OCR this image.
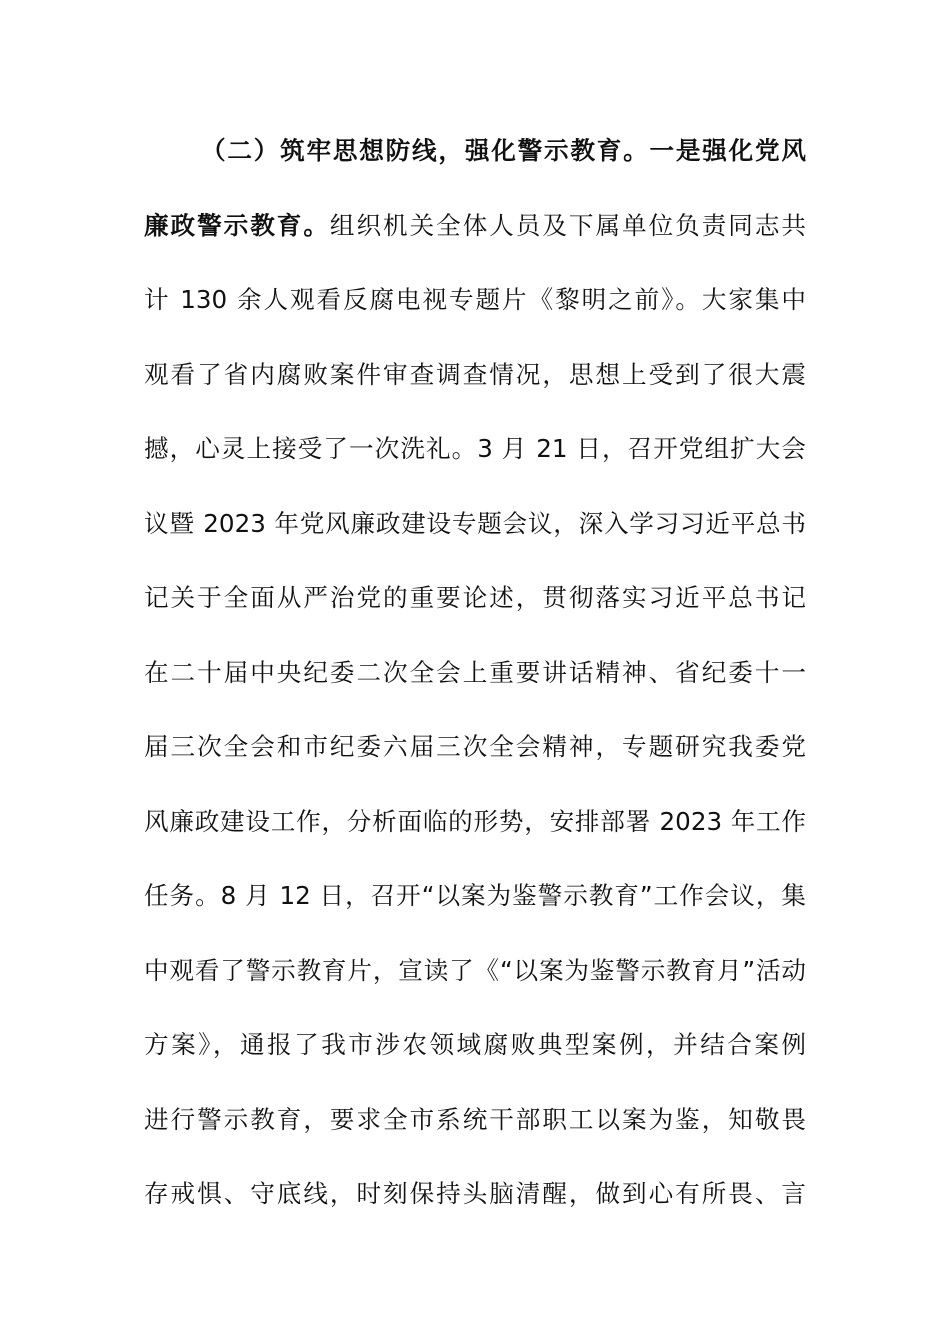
（二）筑牢思想防线，强化警示教育。一是强化党风
廉政警示教育。组织机关全体人员及下属单位负责同志共
计 130 余人观看反腐电视专题片《黎明之前》。大家集中
观看了省内腐败案件审查调查情况，思想上受到了很大震
撼，心灵上接受了一次洗礼。3 月 21 日，召开党组扩大会
议暨 2023 年党风廉政建设专题会议，深入学习习近平总书
记关于全面从严治党的重要论述，贯彻落实习近平总书记
在二十届中央纪委二次全会上重要讲话精神、省纪委十一
届三次全会和市纪委六届三次全会精神，专题研究我委党
风廉政建设工作，分析面临的形势，安排部署 2023 年工作
任务。8 月 12 日，召开“以案为鉴警示教育”工作会议，集
中观看了警示教育片，宣读了《“以案为鉴警示教育月”活动
方案》，通报了我市涉农领域腐败典型案例，并结合案例
进行警示教育，要求全市系统干部职工以案为鉴，知敬畏
存戒惧、守底线，时刻保持头脑清醒，做到心有所畏、言
